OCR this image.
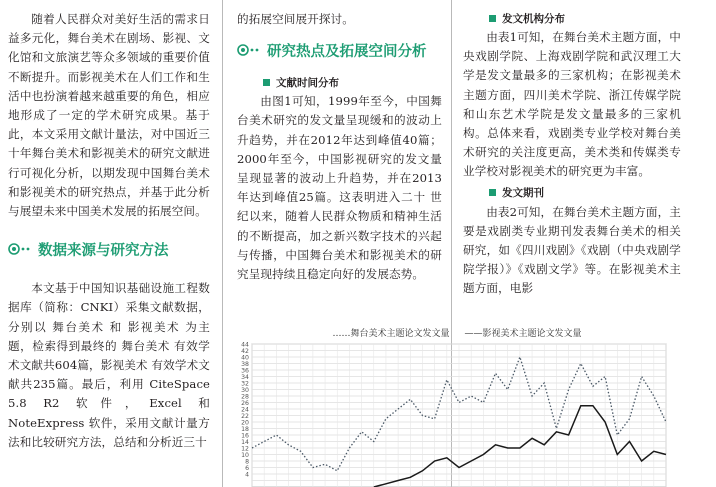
随着人民群众对美好生活的需求日益多元化，舞台美术在剧场、影视、文化馆和文旅演艺等众多领域的重要价值不断提升。而影视美术在人们工作和生活中也扮演着越来越重要的角色，相应地形成了一定的学术研究成果。基于此，本文采用文献计量法，对中国近三十年舞台美术和影视美术的研究文献进行可视化分析，以期发现中国舞台美术和影视美术的研究热点，并基于此分析与展望未来中国美术发展的拓展空间。

数据来源与研究方法

本文基于中国知识基础设施工程数据库（简称：CNKI）采集文献数据，分别以 舞台美术 和 影视美术 为主题，检索得到最终的 舞台美术 有效学术文献共604篇，影视美术 有效学术文献共235篇。最后，利用 CiteSpace 5.8 R2 软件，Excel 和 NoteExpress 软件，采用文献计量方法和比较研究方法，总结和分析近三十

的拓展空间展开探讨。

研究热点及拓展空间分析
文献时间分布

由图1可知，1999年至今，中国舞台美术研究的发文量呈现缓和的波动上升趋势，并在2012年达到峰值40篇；2000年至今，中国影视研究的发文量呈现显著的波动上升趋势，并在2013年达到峰值25篇。这表明进入二十 世纪以来，随着人民群众物质和精神生活的不断提高，加之新兴数字技术的兴起与传播，中国舞台美术和影视美术的研究呈现持续且稳定向好的发展态势。

发文机构分布

由表1可知，在舞台美术主题方面，中央戏剧学院、上海戏剧学院和武汉理工大学是发文量最多的三家机构；在影视美术主题方面，四川美术学院、浙江传媒学院和山东艺术学院是发文量最多的三家机构。总体来看，戏剧类专业学校对舞台美术研究的关注度更高，美术类和传媒类专业学校对影视美术的研究更为丰富。

发文期刊

由表2可知，在舞台美术主题方面，主要是戏剧类专业期刊发表舞台美术的相关研究，如《四川戏剧》《戏剧（中央戏剧学院学报）》《戏剧文学》等。在影视美术主题方面，电影

……舞台美术主题论文发文量 ——影视美术主题论文发文量
44
42
40
38
36
34
32
30
28
26
24
22
20
18
16
14
12
10
8
6
4
